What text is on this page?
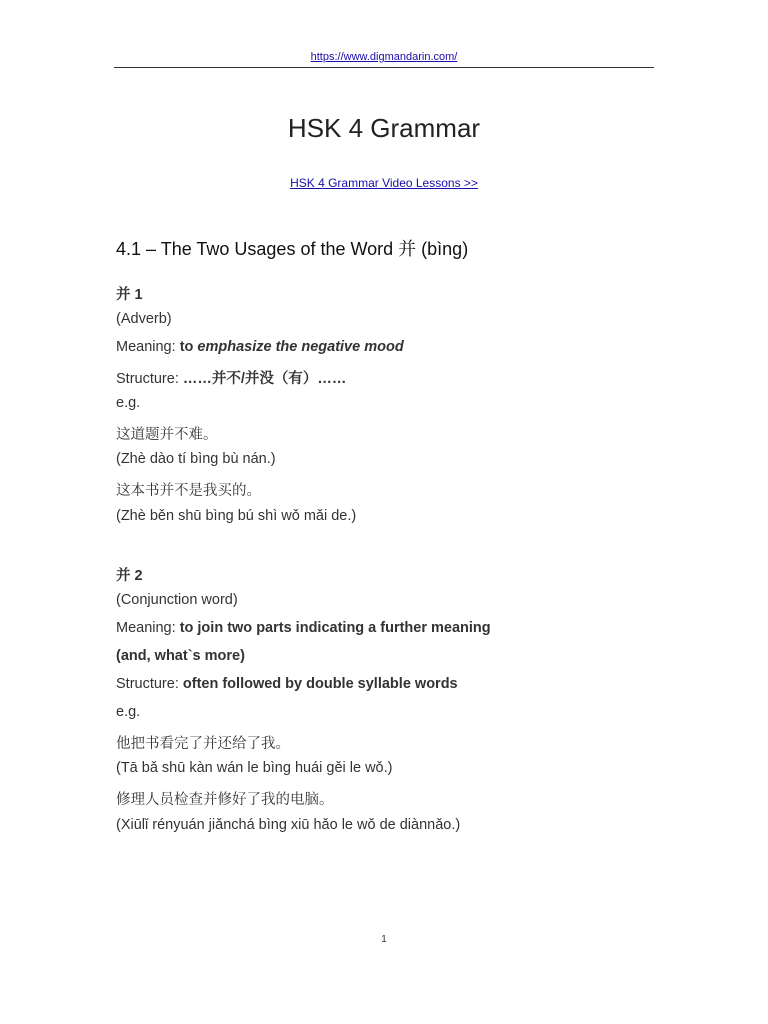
https://www.digmandarin.com/
HSK 4 Grammar
HSK 4 Grammar Video Lessons >>
4.1 – The Two Usages of the Word 并 (bìng)
并 1
(Adverb)
Meaning: to emphasize the negative mood
Structure: ……并不/并没（有）……
e.g.
这道题并不难。
(Zhè dào tí bìng bù nán.)
这本书并不是我买的。
(Zhè běn shū bìng bú shì wǒ mǎi de.)
并 2
(Conjunction word)
Meaning: to join two parts indicating a further meaning
(and, what`s more)
Structure: often followed by double syllable words
e.g.
他把书看完了并还给了我。
(Tā bǎ shū kàn wán le bìng huái gěi le wǒ.)
修理人员检查并修好了我的电脑。
(Xiūlǐ rényuán jiǎnchá bìng xiū hǎo le wǒ de diànnǎo.)
1
